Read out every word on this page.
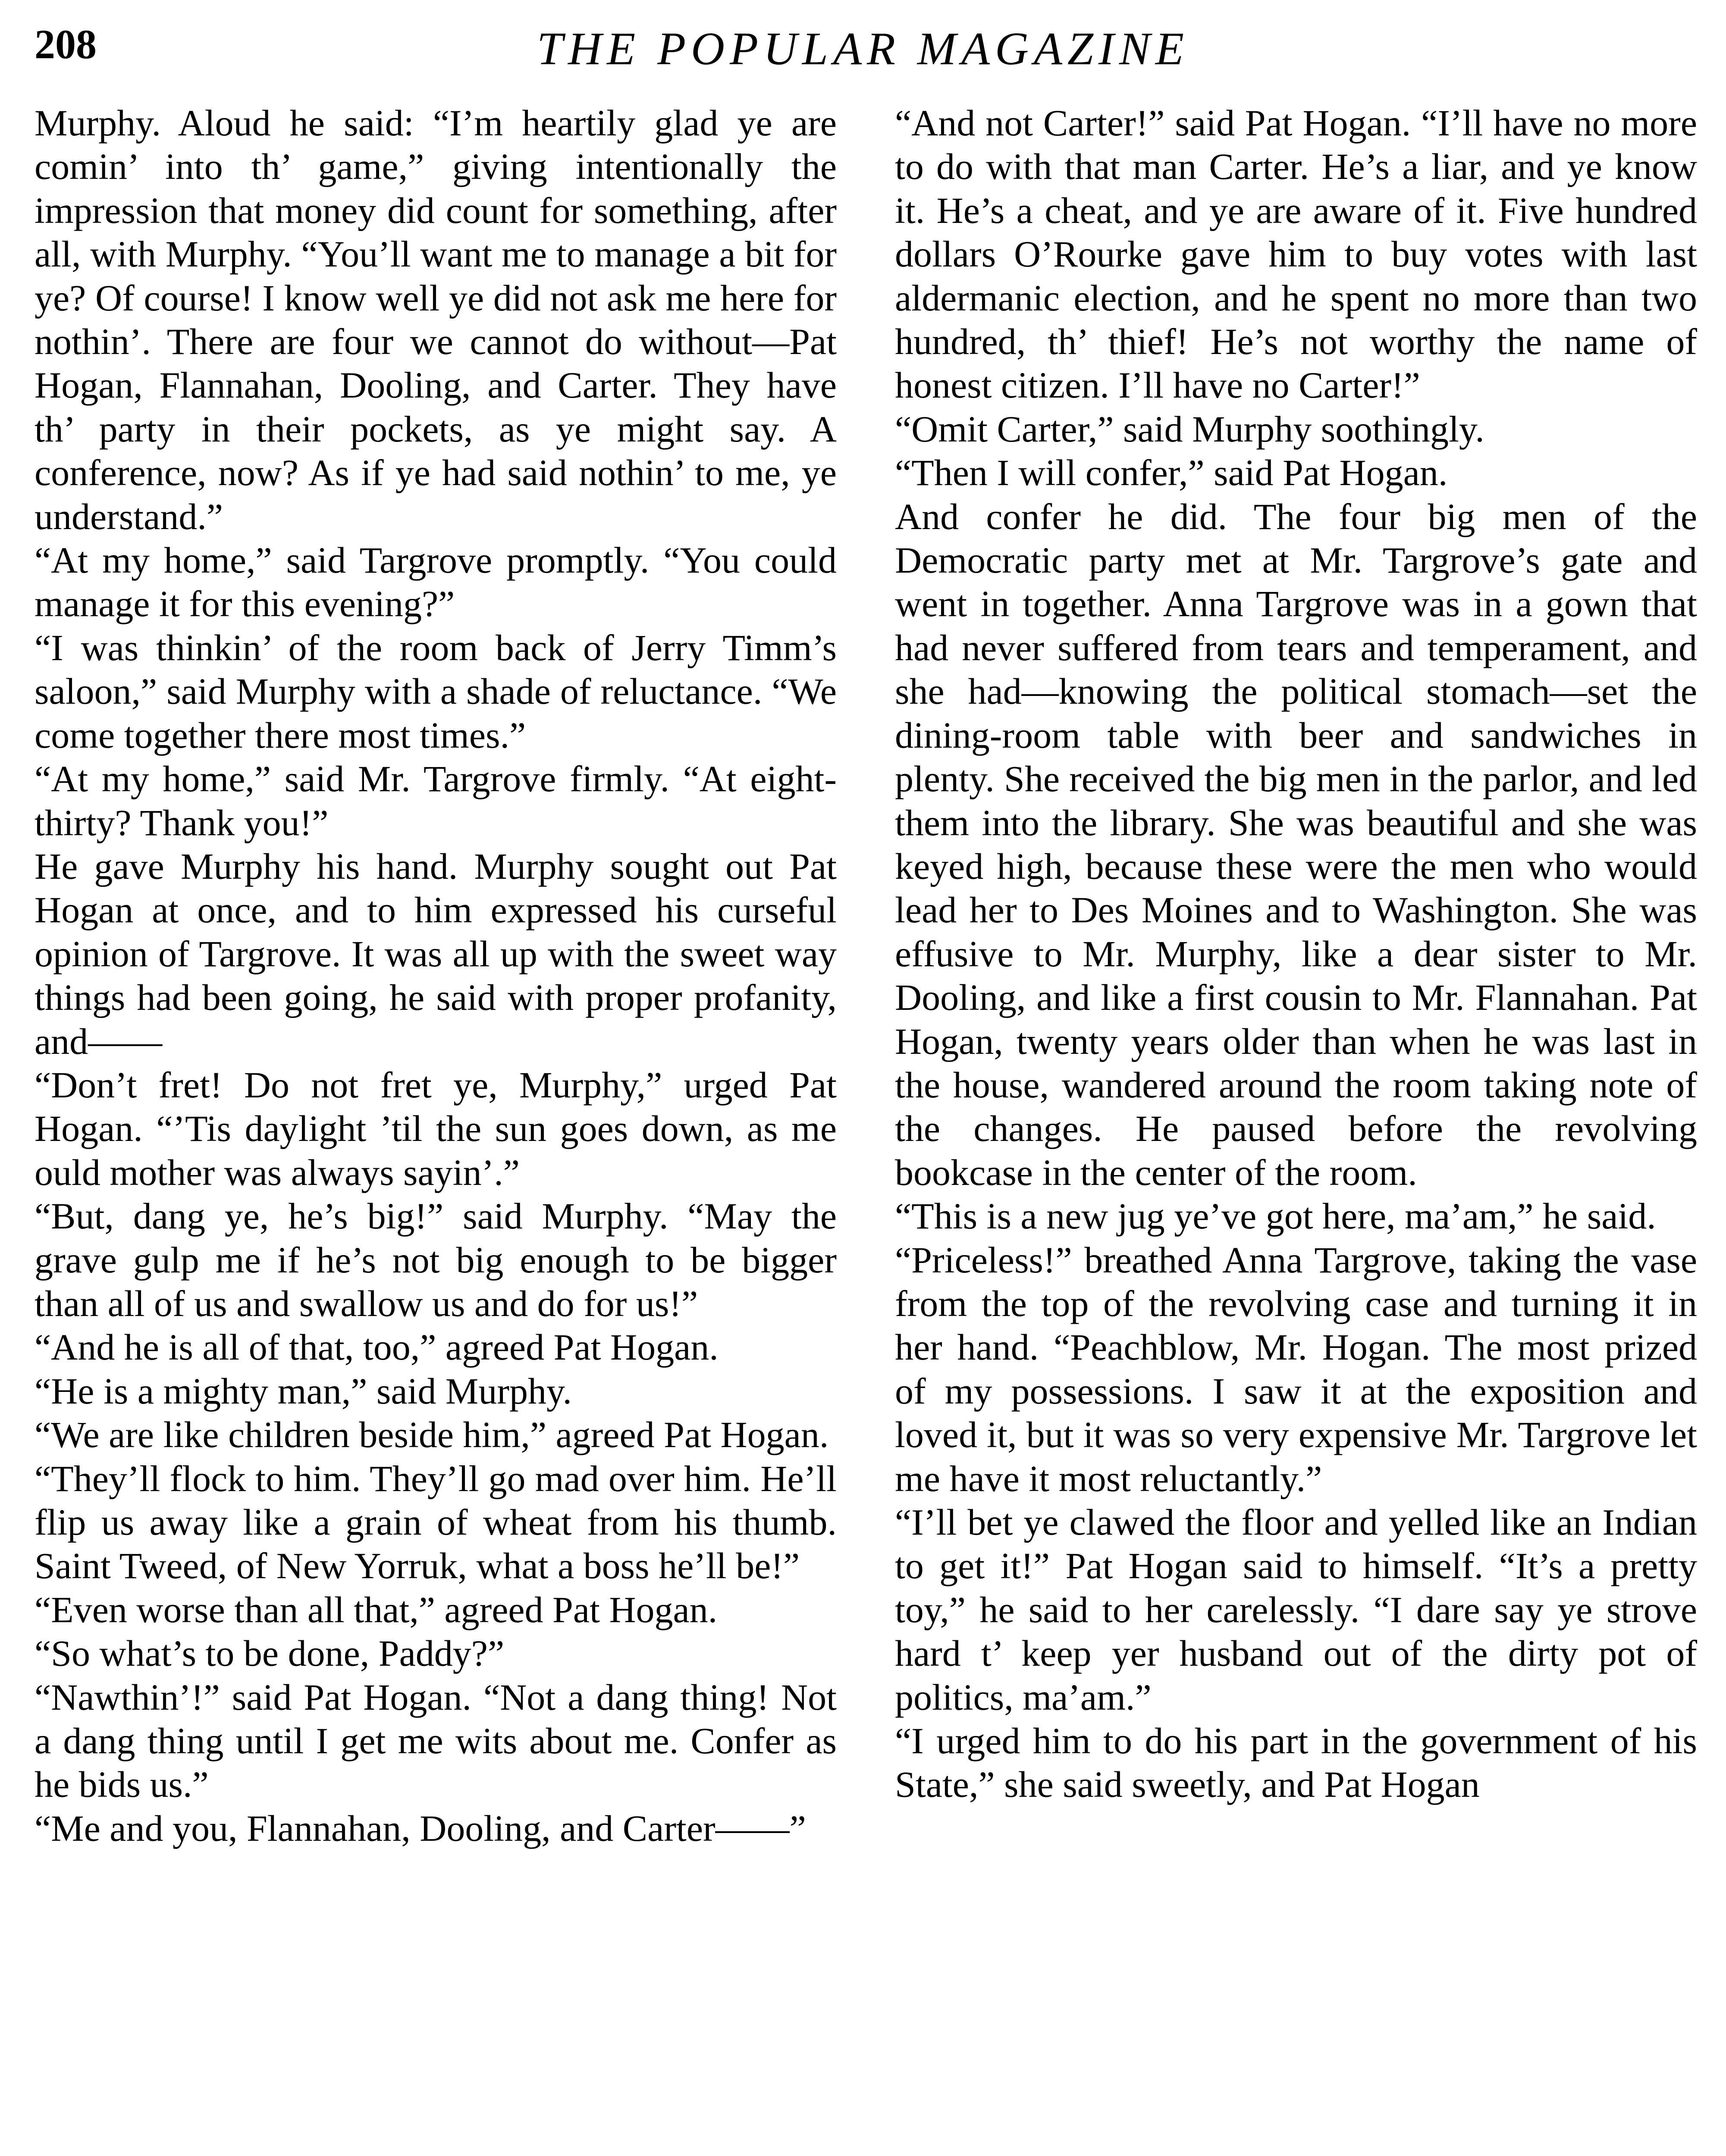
208	THE POPULAR MAGAZINE

Murphy. Aloud he said: “I’m heartily glad ye are comin’ into th’ game,” giving intentionally the impression that money did count for something, after all, with Murphy. “You’ll want me to manage a bit for ye? Of course! I know well ye did not ask me here for nothin’. There are four we cannot do without—Pat Hogan, Flannahan, Dooling, and Carter. They have th’ party in their pockets, as ye might say. A conference, now? As if ye had said nothin’ to me, ye understand.”

“At my home,” said Targrove promptly. “You could manage it for this evening?”

“I was thinkin’ of the room back of Jerry Timm’s saloon,” said Murphy with a shade of reluctance. “We come together there most times.”

“At my home,” said Mr. Targrove firmly. “At eight-thirty? Thank you!”

He gave Murphy his hand. Murphy sought out Pat Hogan at once, and to him expressed his curseful opinion of Targrove. It was all up with the sweet way things had been going, he said with proper profanity, and——

“Don’t fret! Do not fret ye, Murphy,” urged Pat Hogan. “’Tis daylight ’til the sun goes down, as me ould mother was always sayin’.”

“But, dang ye, he’s big!” said Murphy. “May the grave gulp me if he’s not big enough to be bigger than all of us and swallow us and do for us!”

“And he is all of that, too,” agreed Pat Hogan.

“He is a mighty man,” said Murphy.

“We are like children beside him,” agreed Pat Hogan.

“They’ll flock to him. They’ll go mad over him. He’ll flip us away like a grain of wheat from his thumb. Saint Tweed, of New Yorruk, what a boss he’ll be!”

“Even worse than all that,” agreed Pat Hogan.

“So what’s to be done, Paddy?”

“Nawthin’!” said Pat Hogan. “Not a dang thing! Not a dang thing until I get me wits about me. Confer as he bids us.”

“Me and you, Flannahan, Dooling, and Carter——”

“And not Carter!” said Pat Hogan. “I’ll have no more to do with that man Carter. He’s a liar, and ye know it. He’s a cheat, and ye are aware of it. Five hundred dollars O’Rourke gave him to buy votes with last aldermanic election, and he spent no more than two hundred, th’ thief! He’s not worthy the name of honest citizen. I’ll have no Carter!”

“Omit Carter,” said Murphy soothingly.

“Then I will confer,” said Pat Hogan.

And confer he did. The four big men of the Democratic party met at Mr. Targrove’s gate and went in together. Anna Targrove was in a gown that had never suffered from tears and temperament, and she had—knowing the political stomach—set the dining-room table with beer and sandwiches in plenty. She received the big men in the parlor, and led them into the library. She was beautiful and she was keyed high, because these were the men who would lead her to Des Moines and to Washington. She was effusive to Mr. Murphy, like a dear sister to Mr. Dooling, and like a first cousin to Mr. Flannahan. Pat Hogan, twenty years older than when he was last in the house, wandered around the room taking note of the changes. He paused before the revolving bookcase in the center of the room.

“This is a new jug ye’ve got here, ma’am,” he said.

“Priceless!” breathed Anna Targrove, taking the vase from the top of the revolving case and turning it in her hand. “Peachblow, Mr. Hogan. The most prized of my possessions. I saw it at the exposition and loved it, but it was so very expensive Mr. Targrove let me have it most reluctantly.”

“I’ll bet ye clawed the floor and yelled like an Indian to get it!” Pat Hogan said to himself. “It’s a pretty toy,” he said to her carelessly. “I dare say ye strove hard t’ keep yer husband out of the dirty pot of politics, ma’am.”

“I urged him to do his part in the government of his State,” she said sweetly, and Pat Hogan
